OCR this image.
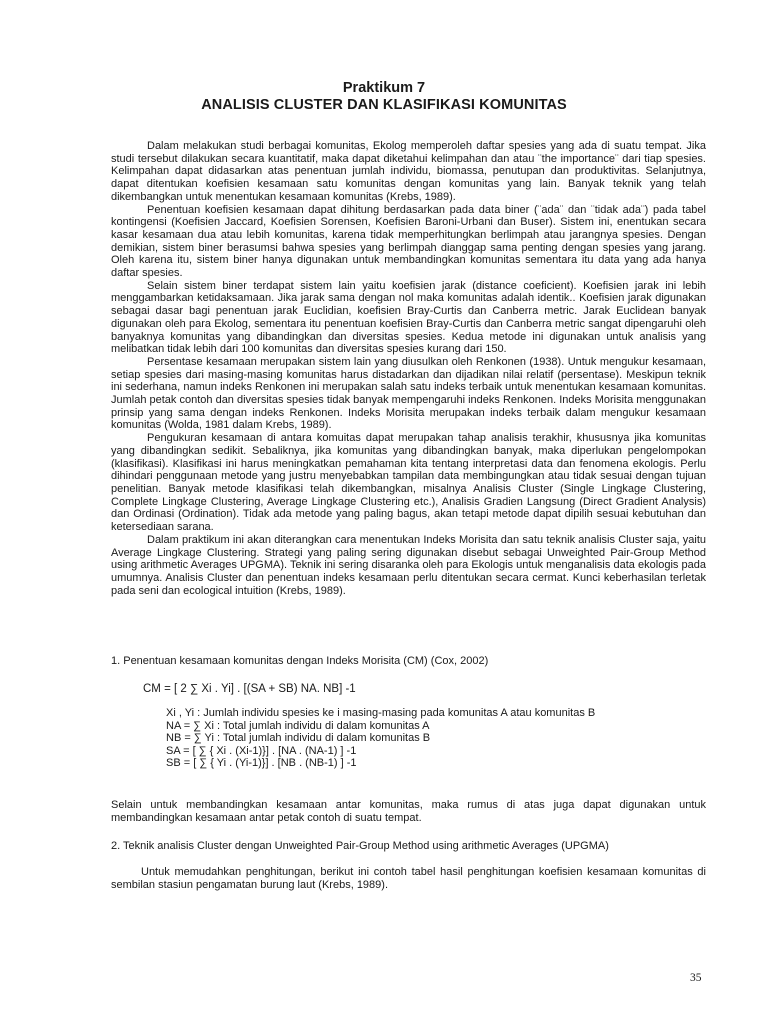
Praktikum 7
ANALISIS CLUSTER DAN KLASIFIKASI KOMUNITAS

Dalam melakukan studi berbagai komunitas, Ekolog memperoleh daftar spesies yang ada di suatu tempat. Jika studi tersebut dilakukan secara kuantitatif, maka dapat diketahui kelimpahan dan atau ¨the importance¨ dari tiap spesies. Kelimpahan dapat didasarkan atas penentuan jumlah individu, biomassa, penutupan dan produktivitas. Selanjutnya, dapat ditentukan koefisien kesamaan satu komunitas dengan komunitas yang lain. Banyak teknik yang telah dikembangkan untuk menentukan kesamaan komunitas (Krebs, 1989).

Penentuan koefisien kesamaan dapat dihitung berdasarkan pada data biner (¨ada¨ dan ¨tidak ada¨) pada tabel kontingensi (Koefisien Jaccard, Koefisien Sorensen, Koefisien Baroni-Urbani dan Buser). Sistem ini, enentukan secara kasar kesamaan dua atau lebih komunitas, karena tidak memperhitungkan berlimpah atau jarangnya spesies. Dengan demikian, sistem biner berasumsi bahwa spesies yang berlimpah dianggap sama penting dengan spesies yang jarang. Oleh karena itu, sistem biner hanya digunakan untuk membandingkan komunitas sementara itu data yang ada hanya daftar spesies.

Selain sistem biner terdapat sistem lain yaitu koefisien jarak (distance coeficient). Koefisien jarak ini lebih menggambarkan ketidaksamaan. Jika jarak sama dengan nol maka komunitas adalah identik.. Koefisien jarak digunakan sebagai dasar bagi penentuan jarak Euclidian, koefisien Bray-Curtis dan Canberra metric. Jarak Euclidean banyak digunakan oleh para Ekolog, sementara itu penentuan koefisien Bray-Curtis dan Canberra metric sangat dipengaruhi oleh banyaknya komunitas yang dibandingkan dan diversitas spesies. Kedua metode ini digunakan untuk analisis yang melibatkan tidak lebih dari 100 komunitas dan diversitas spesies kurang dari 150.

Persentase kesamaan merupakan sistem lain yang diusulkan oleh Renkonen (1938). Untuk mengukur kesamaan, setiap spesies dari masing-masing komunitas harus distadarkan dan dijadikan nilai relatif (persentase). Meskipun teknik ini sederhana, namun indeks Renkonen ini merupakan salah satu indeks terbaik untuk menentukan kesamaan komunitas. Jumlah petak contoh dan diversitas spesies tidak banyak mempengaruhi indeks Renkonen. Indeks Morisita menggunakan prinsip yang sama dengan indeks Renkonen. Indeks Morisita merupakan indeks terbaik dalam mengukur kesamaan komunitas (Wolda, 1981 dalam Krebs, 1989).

Pengukuran kesamaan di antara komuitas dapat merupakan tahap analisis terakhir, khususnya jika komunitas yang dibandingkan sedikit. Sebaliknya, jika komunitas yang dibandingkan banyak, maka diperlukan pengelompokan (klasifikasi). Klasifikasi ini harus meningkatkan pemahaman kita tentang interpretasi data dan fenomena ekologis. Perlu dihindari penggunaan metode yang justru menyebabkan tampilan data membingungkan atau tidak sesuai dengan tujuan penelitian. Banyak metode klasifikasi telah dikembangkan, misalnya Analisis Cluster (Single Lingkage Clustering, Complete Lingkage Clustering, Average Lingkage Clustering etc.), Analisis Gradien Langsung (Direct Gradient Analysis) dan Ordinasi (Ordination). Tidak ada metode yang paling bagus, akan tetapi metode dapat dipilih sesuai kebutuhan dan ketersediaan sarana.

Dalam praktikum ini akan diterangkan cara menentukan Indeks Morisita dan satu teknik analisis Cluster saja, yaitu Average Lingkage Clustering. Strategi yang paling sering digunakan disebut sebagai Unweighted Pair-Group Method using arithmetic Averages UPGMA). Teknik ini sering disaranka oleh para Ekologis untuk menganalisis data ekologis pada umumnya. Analisis Cluster dan penentuan indeks kesamaan perlu ditentukan secara cermat. Kunci keberhasilan terletak pada seni dan ecological intuition (Krebs, 1989).

1. Penentuan kesamaan komunitas dengan Indeks Morisita (CM) (Cox, 2002)
CM = [ 2 ∑ Xi . Yi] . [(SA + SB) NA. NB] -1
Xi , Yi : Jumlah individu spesies ke i masing-masing pada komunitas A atau komunitas B
NA = ∑ Xi : Total jumlah individu di dalam komunitas A
NB = ∑ Yi : Total jumlah individu di dalam komunitas B
SA = [ ∑ { Xi . (Xi-1)}] . [NA . (NA-1) ] -1
SB = [ ∑ { Yi . (Yi-1)}] . [NB . (NB-1) ] -1
Selain untuk membandingkan kesamaan antar komunitas, maka rumus di atas juga dapat digunakan untuk membandingkan kesamaan antar petak contoh di suatu tempat.
2. Teknik analisis Cluster dengan Unweighted Pair-Group Method using arithmetic Averages (UPGMA)
Untuk memudahkan penghitungan, berikut ini contoh tabel hasil penghitungan koefisien kesamaan komunitas di sembilan stasiun pengamatan burung laut (Krebs, 1989).
35
